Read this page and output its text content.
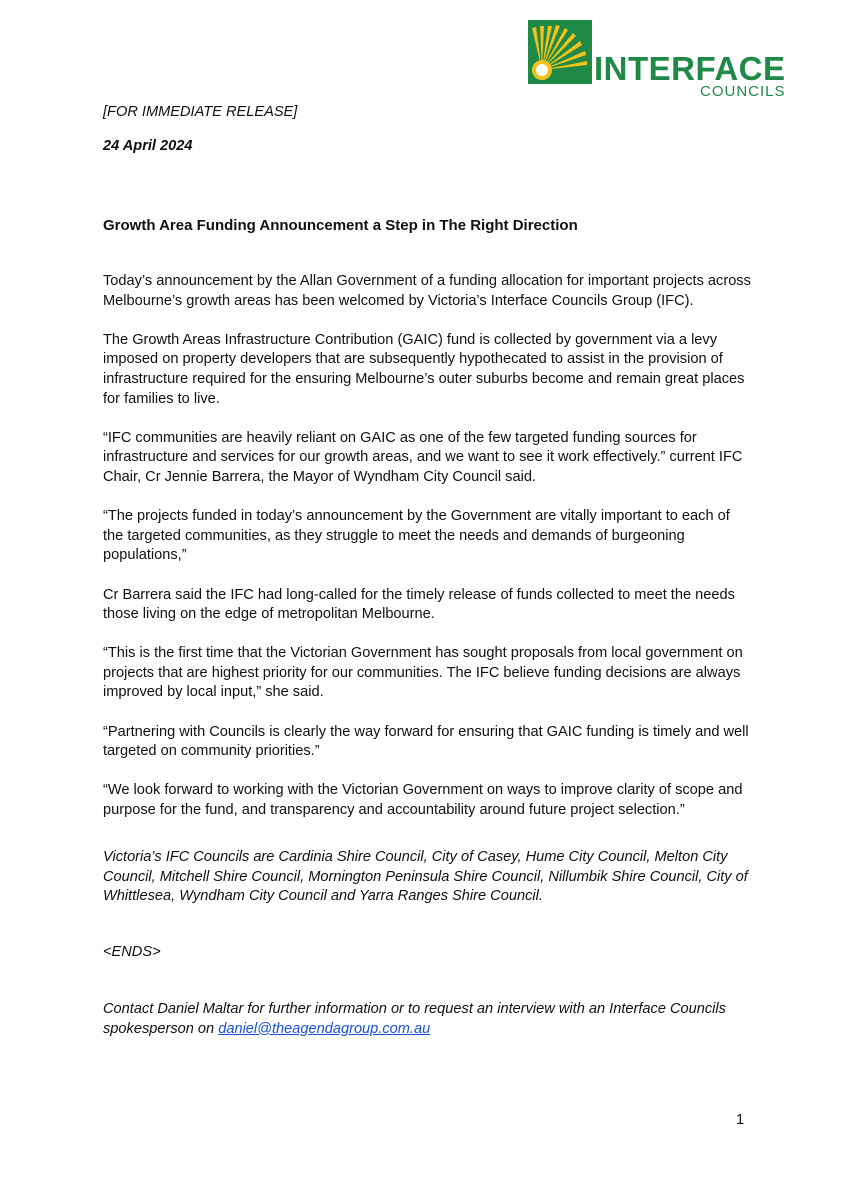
INTERFACE
COUNCILS
[FOR IMMEDIATE RELEASE]
24 April 2024
Growth Area Funding Announcement a Step in The Right Direction

Today’s announcement by the Allan Government of a funding allocation for important projects across Melbourne’s growth areas has been welcomed by Victoria’s Interface Councils Group (IFC).

The Growth Areas Infrastructure Contribution (GAIC) fund is collected by government via a levy imposed on property developers that are subsequently hypothecated to assist in the provision of infrastructure required for the ensuring Melbourne’s outer suburbs become and remain great places for families to live.

“IFC communities are heavily reliant on GAIC as one of the few targeted funding sources for infrastructure and services for our growth areas, and we want to see it work effectively.” current IFC Chair, Cr Jennie Barrera, the Mayor of Wyndham City Council said.

“The projects funded in today’s announcement by the Government are vitally important to each of the targeted communities, as they struggle to meet the needs and demands of burgeoning populations,”

Cr Barrera said the IFC had long-called for the timely release of funds collected to meet the needs those living on the edge of metropolitan Melbourne.

“This is the first time that the Victorian Government has sought proposals from local government on projects that are highest priority for our communities. The IFC believe funding decisions are always improved by local input,” she said.

“Partnering with Councils is clearly the way forward for ensuring that GAIC funding is timely and well targeted on community priorities.”

“We look forward to working with the Victorian Government on ways to improve clarity of scope and purpose for the fund, and transparency and accountability around future project selection.”

Victoria’s IFC Councils are Cardinia Shire Council, City of Casey, Hume City Council, Melton City Council, Mitchell Shire Council, Mornington Peninsula Shire Council, Nillumbik Shire Council, City of Whittlesea, Wyndham City Council and Yarra Ranges Shire Council.

<ENDS>

Contact Daniel Maltar for further information or to request an interview with an Interface Councils spokesperson on daniel@theagendagroup.com.au

1
